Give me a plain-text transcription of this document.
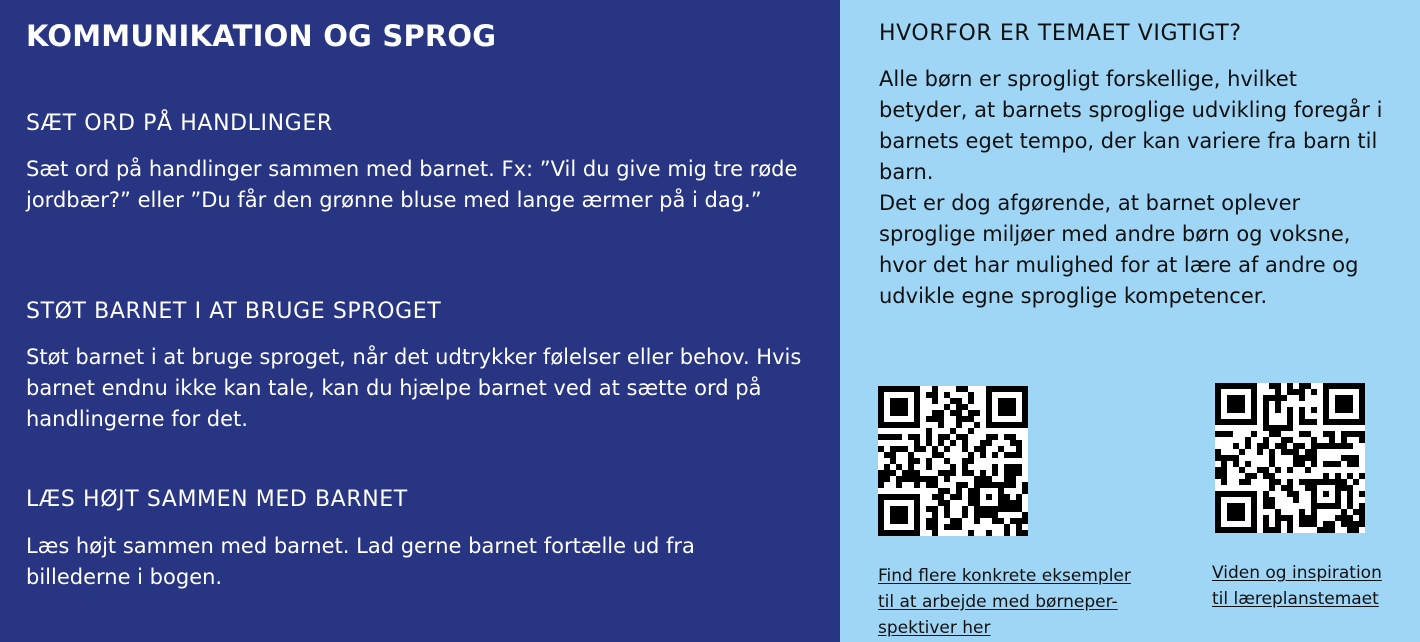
KOMMUNIKATION OG SPROG
SÆT ORD PÅ HANDLINGER

Sæt ord på handlinger sammen med barnet. Fx: ”Vil du give mig tre røde jordbær?” eller ”Du får den grønne bluse med lange ærmer på i dag.”

STØT BARNET I AT BRUGE SPROGET

Støt barnet i at bruge sproget, når det udtrykker følelser eller behov. Hvis barnet endnu ikke kan tale, kan du hjælpe barnet ved at sætte ord på handlingerne for det.

LÆS HØJT SAMMEN MED BARNET

Læs højt sammen med barnet. Lad gerne barnet fortælle ud fra billederne i bogen.

HVORFOR ER TEMAET VIGTIGT?

Alle børn er sprogligt forskellige, hvilket betyder, at barnets sproglige udvikling foregår i barnets eget tempo, der kan variere fra barn til barn.

Det er dog afgørende, at barnet oplever sproglige miljøer med andre børn og voksne, hvor det har mulighed for at lære af andre og udvikle egne sproglige kompetencer.

Find flere konkrete eksempler
til at arbejde med børneper-
spektiver her

Viden og inspiration
til læreplanstemaet
